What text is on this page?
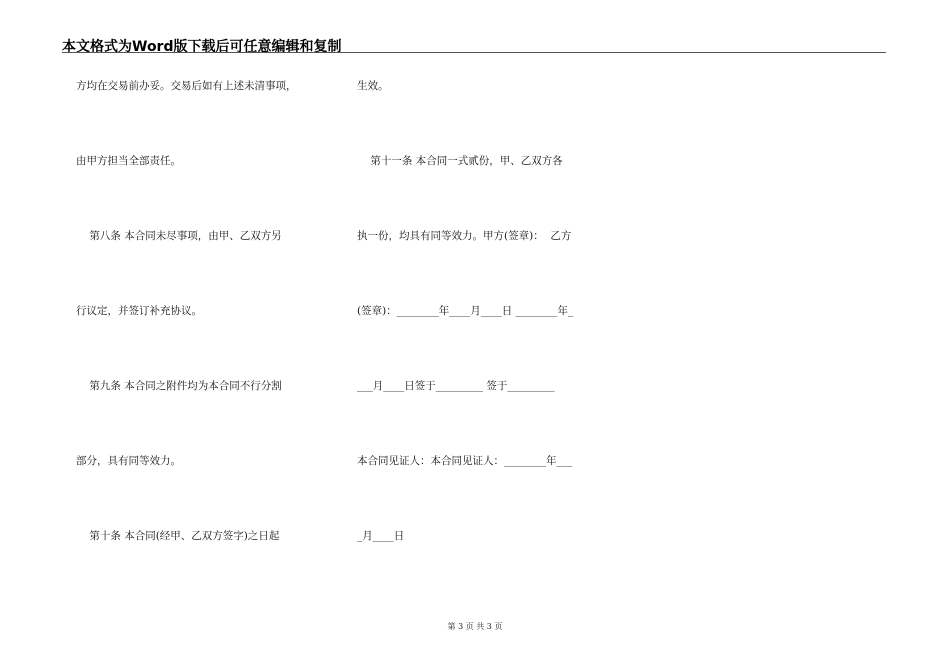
本文格式为Word版下载后可任意编辑和复制
方均在交易前办妥。交易后如有上述未清事项，
由甲方担当全部责任。
第八条 本合同未尽事项，由甲、乙双方另
行议定，并签订补充协议。
第九条 本合同之附件均为本合同不行分割
部分，具有同等效力。
第十条 本合同(经甲、乙双方签字)之日起
生效。
第十一条 本合同一式贰份，甲、乙双方各
执一份，均具有同等效力。甲方(签章)：  乙方
(签章)：________年____月____日 ________年_
___月____日签于_________ 签于_________
本合同见证人：本合同见证人：________年___
_月____日
第 3 页 共 3 页
